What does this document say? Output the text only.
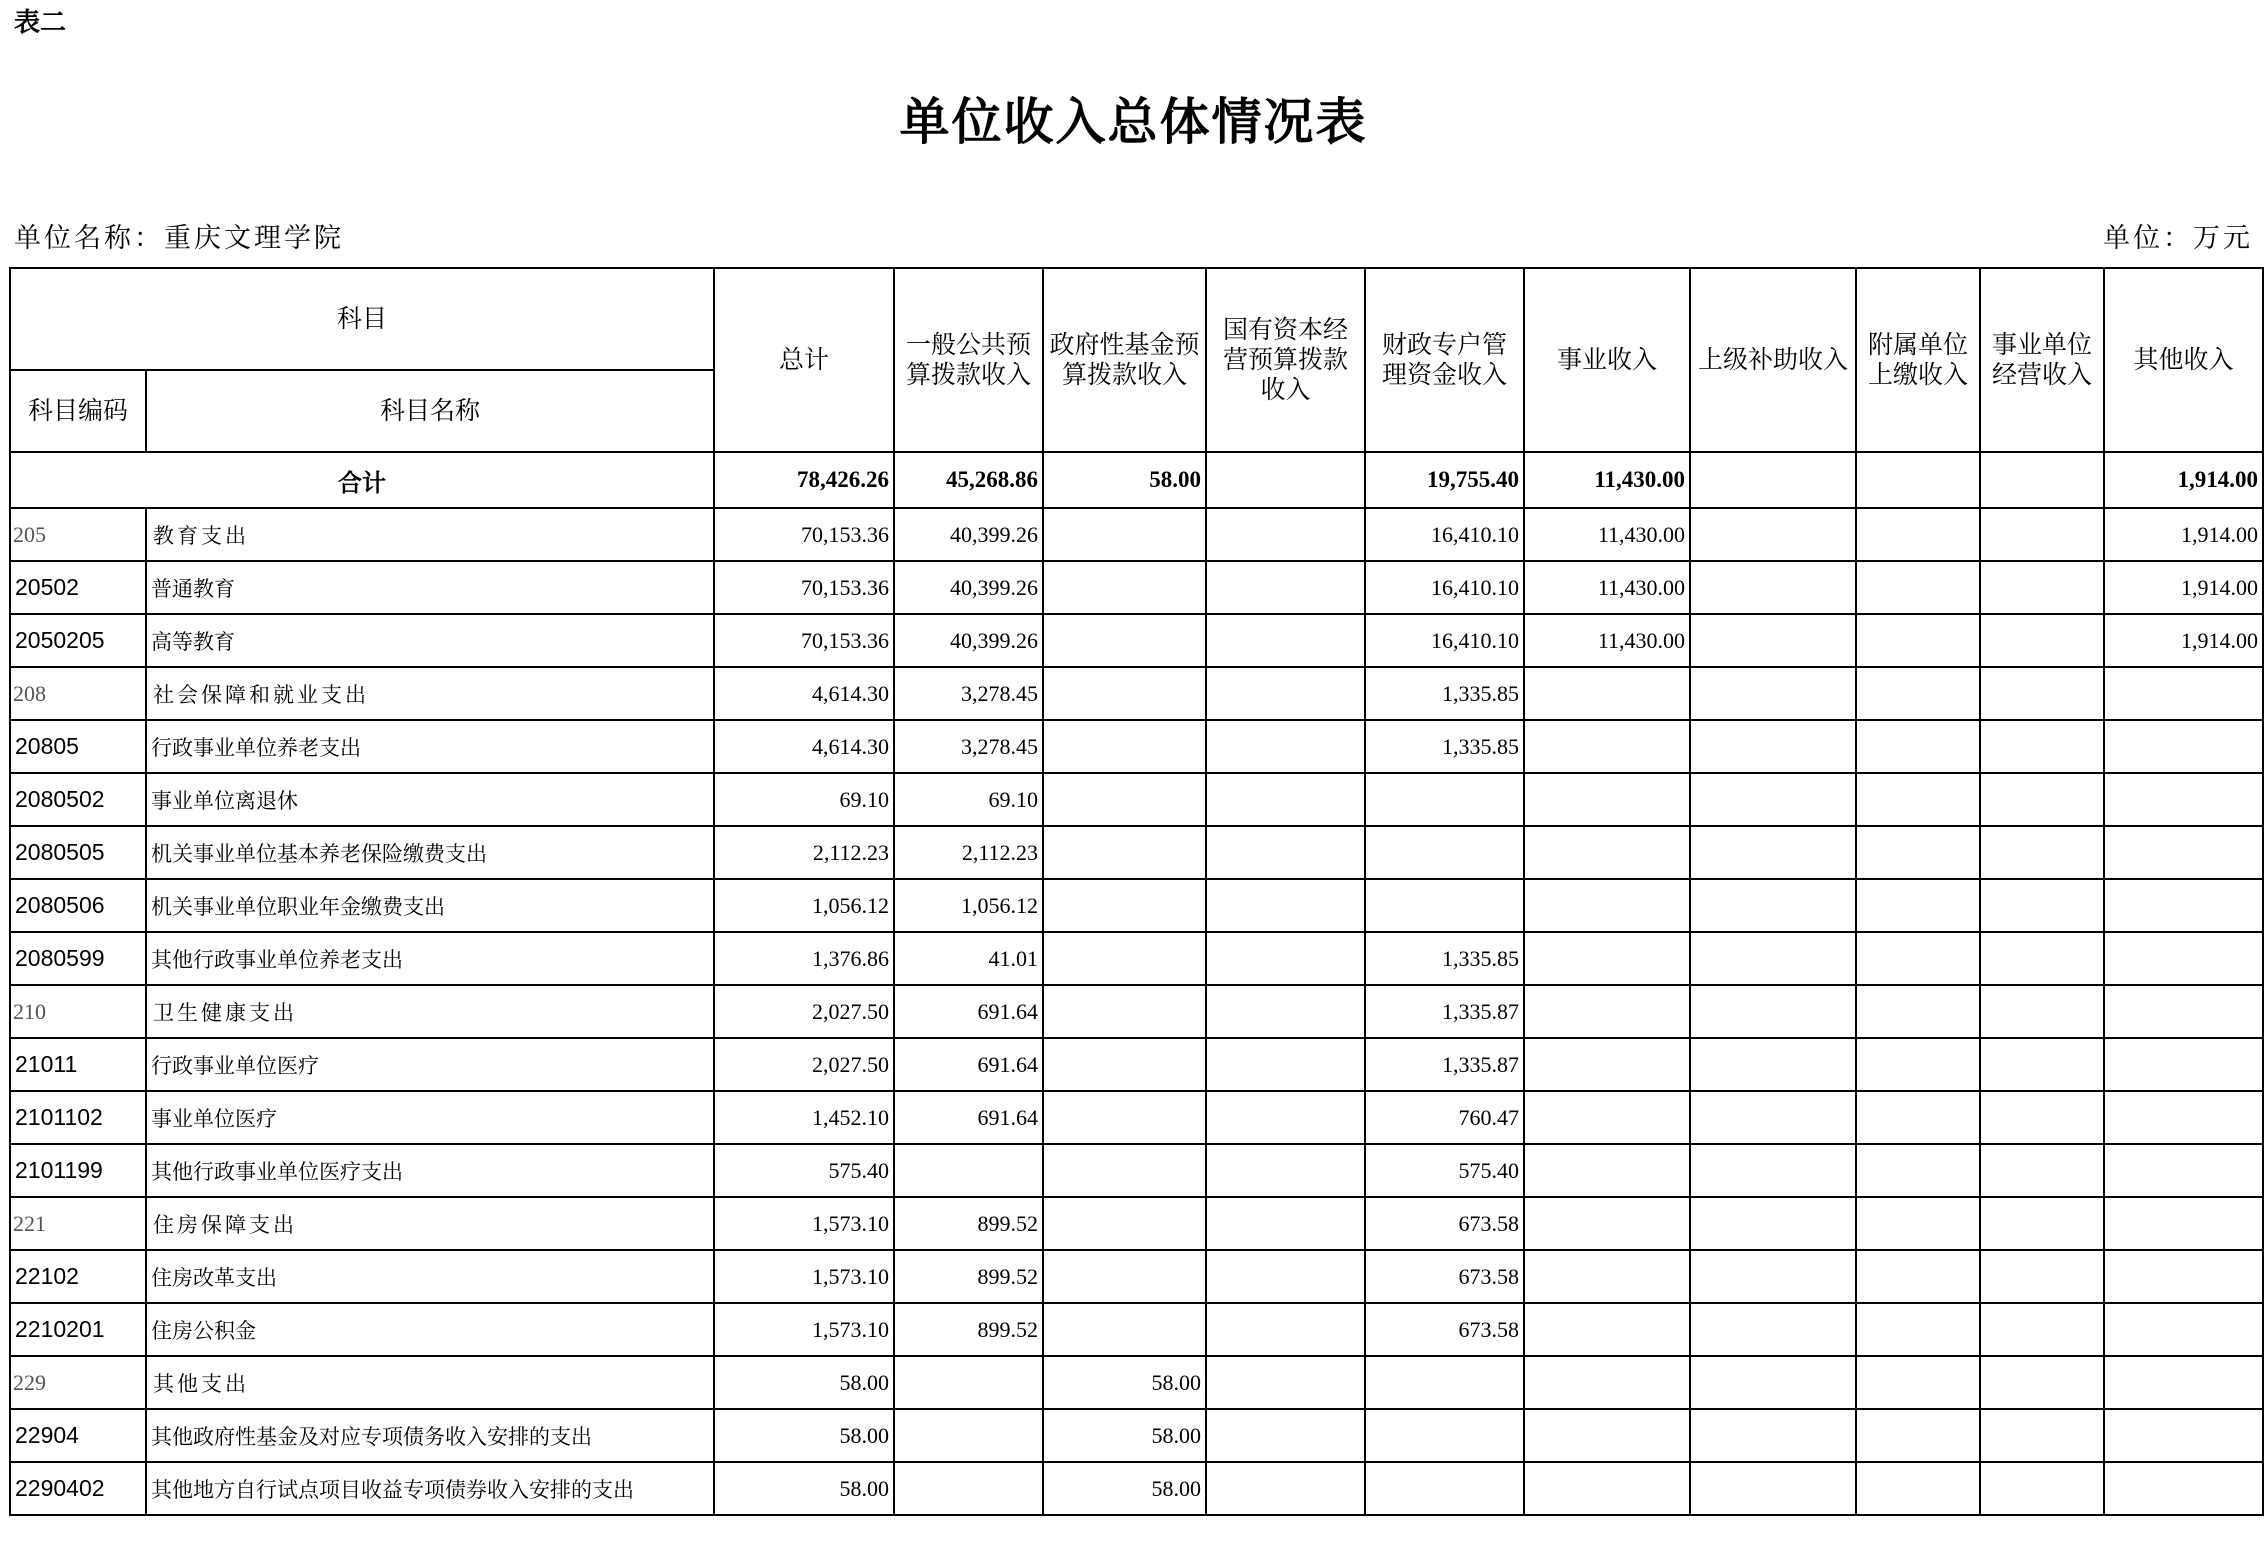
表二
单位收入总体情况表
单位名称：重庆文理学院	单位：万元
科目		总计	一般公共预算拨款收入	政府性基金预算拨款收入	国有资本经营预算拨款收入	财政专户管理资金收入	事业收入	上级补助收入	附属单位上缴收入	事业单位经营收入	其他收入
科目编码	科目名称										
合计		78,426.26	45,268.86	58.00		19,755.40	11,430.00				1,914.00
205	教育支出	70,153.36	40,399.26			16,410.10	11,430.00				1,914.00
20502	普通教育	70,153.36	40,399.26			16,410.10	11,430.00				1,914.00
2050205	高等教育	70,153.36	40,399.26			16,410.10	11,430.00				1,914.00
208	社会保障和就业支出	4,614.30	3,278.45			1,335.85					
20805	行政事业单位养老支出	4,614.30	3,278.45			1,335.85					
2080502	事业单位离退休	69.10	69.10								
2080505	机关事业单位基本养老保险缴费支出	2,112.23	2,112.23								
2080506	机关事业单位职业年金缴费支出	1,056.12	1,056.12								
2080599	其他行政事业单位养老支出	1,376.86	41.01			1,335.85					
210	卫生健康支出	2,027.50	691.64			1,335.87					
21011	行政事业单位医疗	2,027.50	691.64			1,335.87					
2101102	事业单位医疗	1,452.10	691.64			760.47					
2101199	其他行政事业单位医疗支出	575.40				575.40					
221	住房保障支出	1,573.10	899.52			673.58					
22102	住房改革支出	1,573.10	899.52			673.58					
2210201	住房公积金	1,573.10	899.52			673.58					
229	其他支出	58.00		58.00							
22904	其他政府性基金及对应专项债务收入安排的支出	58.00		58.00							
2290402	其他地方自行试点项目收益专项债券收入安排的支出	58.00		58.00							
